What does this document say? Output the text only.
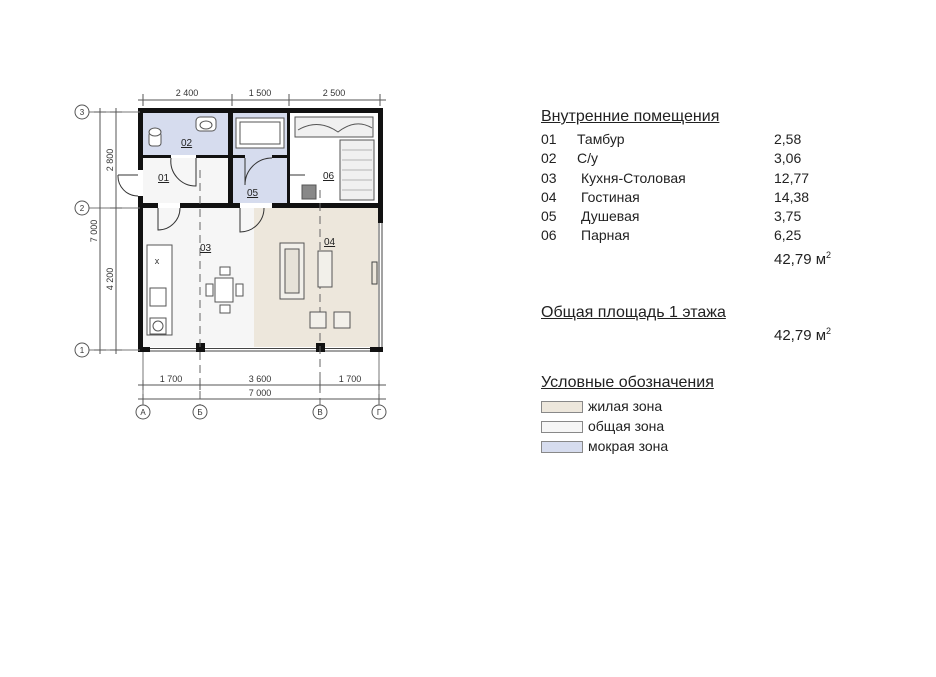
x
01
02
03
04
05
06
2 400	1 500	2 500
1 700	3 600	1 700
7 000
2 800
4 200
7 000
3
2
1
А	Б	В	Г
Внутренние помещения
01 Тамбур	2,58
02 С/у	3,06
03 Кухня-Столовая	12,77
04 Гостиная	14,38
05 Душевая	3,75
06 Парная	6,25
42,79 $м^2$
Общая площадь 1 этажа
42,79 $м^2$
Условные обозначения
жилая зона
общая зона
мокрая зона
